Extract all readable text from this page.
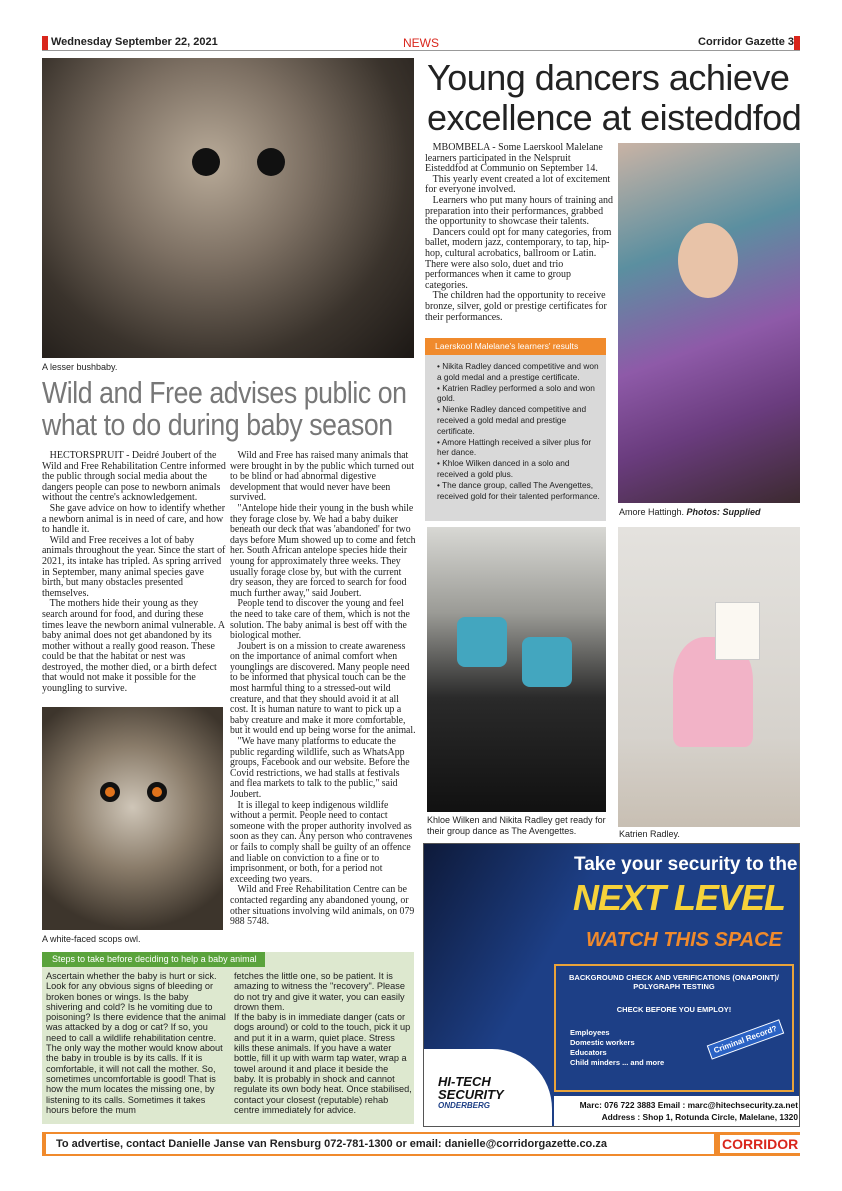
Wednesday September 22, 2021	NEWS	Corridor Gazette 3
A lesser bushbaby.
Wild and Free advises public on what to do during baby season

HECTORSPRUIT - Deidré Joubert of the Wild and Free Rehabilitation Centre informed the public through social media about the dangers people can pose to newborn animals without the centre's acknowledgement.

She gave advice on how to identify whether a newborn animal is in need of care, and how to handle it.

Wild and Free receives a lot of baby animals throughout the year. Since the start of 2021, its intake has tripled. As spring arrived in September, many animal species gave birth, but many obstacles presented themselves.

The mothers hide their young as they search around for food, and during these times leave the newborn animal vulnerable. A baby animal does not get abandoned by its mother without a really good reason. These could be that the habitat or nest was destroyed, the mother died, or a birth defect that would not make it possible for the youngling to survive.

Wild and Free has raised many animals that were brought in by the public which turned out to be blind or had abnormal digestive development that would never have been survived.

"Antelope hide their young in the bush while they forage close by. We had a baby duiker beneath our deck that was 'abandoned' for two days before Mum showed up to come and fetch her. South African antelope species hide their young for approximately three weeks. They usually forage close by, but with the current dry season, they are forced to search for food much further away," said Joubert.

People tend to discover the young and feel the need to take care of them, which is not the solution. The baby animal is best off with the biological mother.

Joubert is on a mission to create awareness on the importance of animal comfort when younglings are discovered. Many people need to be informed that physical touch can be the most harmful thing to a stressed-out wild creature, and that they should avoid it at all cost. It is human nature to want to pick up a baby creature and make it more comfortable, but it would end up being worse for the animal.

"We have many platforms to educate the public regarding wildlife, such as WhatsApp groups, Facebook and our website. Before the Covid restrictions, we had stalls at festivals and flea markets to talk to the public," said Joubert.

It is illegal to keep indigenous wildlife without a permit. People need to contact someone with the proper authority involved as soon as they can. Any person who contravenes or fails to comply shall be guilty of an offence and liable on conviction to a fine or to imprisonment, or both, for a period not exceeding two years.

Wild and Free Rehabilitation Centre can be contacted regarding any abandoned young, or other situations involving wild animals, on 079 988 5748.

A white-faced scops owl.
Steps to take before deciding to help a baby animal

Ascertain whether the baby is hurt or sick. Look for any obvious signs of bleeding or broken bones or wings. Is the baby shivering and cold? Is he vomiting due to poisoning? Is there evidence that the animal was attacked by a dog or cat? If so, you need to call a wildlife rehabilitation centre. The only way the mother would know about the baby in trouble is by its calls. If it is comfortable, it will not call the mother. So, sometimes uncomfortable is good! That is how the mum locates the missing one, by listening to its calls. Sometimes it takes hours before the mum

fetches the little one, so be patient. It is amazing to witness the "recovery". Please do not try and give it water, you can easily drown them.

If the baby is in immediate danger (cats or dogs around) or cold to the touch, pick it up and put it in a warm, quiet place. Stress kills these animals. If you have a water bottle, fill it up with warm tap water, wrap a towel around it and place it beside the baby. It is probably in shock and cannot regulate its own body heat. Once stabilised, contact your closest (reputable) rehab centre immediately for advice.

Young dancers achieve excellence at eisteddfod

MBOMBELA - Some Laerskool Malelane learners participated in the Nelspruit Eisteddfod at Communio on September 14.

This yearly event created a lot of excitement for everyone involved.

Learners who put many hours of training and preparation into their performances, grabbed the opportunity to showcase their talents.

Dancers could opt for many categories, from ballet, modern jazz, contemporary, to tap, hip-hop, cultural acrobatics, ballroom or Latin. There were also solo, duet and trio performances when it came to group categories.

The children had the opportunity to receive bronze, silver, gold or prestige certificates for their performances.

Laerskool Malelane's learners' results

• Nikita Radley danced competitive and won a gold medal and a prestige certificate.

• Katrien Radley performed a solo and won gold.

• Nienke Radley danced competitive and received a gold medal and prestige certificate.

• Amore Hattingh received a silver plus for her dance.

• Khloe Wilken danced in a solo and received a gold plus.

• The dance group, called The Avengettes, received gold for their talented performance.

Amore Hattingh. Photos: Supplied
Khloe Wilken and Nikita Radley get ready for their group dance as The Avengettes.	Katrien Radley.
Take your security to the
NEXT LEVEL
WATCH THIS SPACE
BACKGROUND CHECK AND VERIFICATIONS (ONAPOINT)/
POLYGRAPH TESTING
CHECK BEFORE YOU EMPLOY!
Employees
Domestic workers
Educators
Child minders ... and more
Criminal Record?
HI-TECH
SECURITY
ONDERBERG	Marc: 076 722 3883 Email : marc@hitechsecurity.za.net
Address : Shop 1, Rotunda Circle, Malelane, 1320
To advertise, contact Danielle Janse van Rensburg 072-781-1300 or email: danielle@corridorgazette.co.za	CORRIDOR
